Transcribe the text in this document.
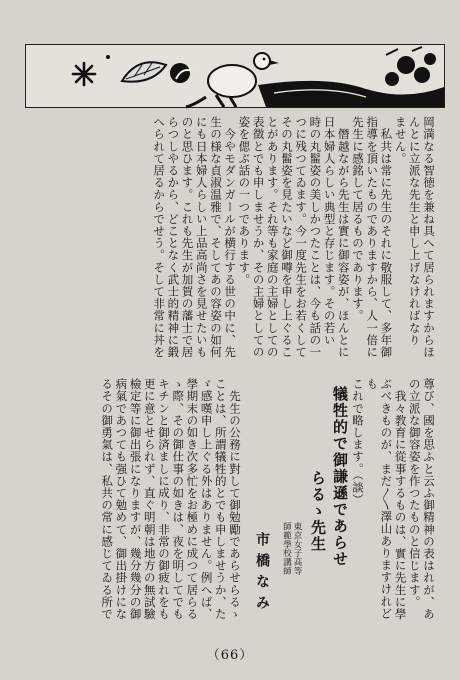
岡満なる智徳を兼ね具へて居られますからほ

んとに立派な先生と申し上げなければなり

ません。

　私共は常に先生のそれに敬服して、多年御

指導を頂いたものでありますから、人一倍に

先生に感銘して居るものであります。

　僭越ながら先生は實に御容姿が、ほんとに

日本婦人らしい典型と存じます。その若い

時の丸髷姿の美しかつたことは、今も話の一

つに残つてゐます。今一度先生をお若くして

その丸髷姿を見たいなど御噂を申し上ぐるこ

とがあります。それ等も家庭の主婦としての

表徴とでも申しませうか、その主婦としての

姿を偲ぶ話の一つであります。

　今やモダンガールが横行する世の中に、先

生の様な貞淑温雅で、そしてあの容姿の如何

にも日本婦人らしい上品高尚さを見せたいも

のと思ひます。これも先生が加賀の藩士で居

らつしやるから、どことなく武士的精神に鍛

へられて居るからでせう。そして非常に丼を

尊び、國を思ふと云ふ御精神の表はれが、あ

の立派な御容姿を作つたものと信じます。

　我々教育に從事するものは、實に先生に學

ぶべきものが、まだ〳〵澤山ありますけれども

これで略します。（談）

犠牲的で御謙遜であらせ
らるゝ先生
東京女子高等
師範學校講師
市橋なみ

　先生の公務に對して御勉勵であらせらるゝ

ことは、所謂犠牲的とでも申しませうか、た

ゞ感嘆申し上ぐる外はありません。例へば、

學期末の如き次多忙をお極めに成つて居らる

ゝ際、その御仕事の如きは、夜を明してでも

キチンと御済ましに成り、非常の御疲れをも

更に意とせられず、直ぐ明朝は地方の無試驗

檢定等に御出張になりますが、幾分幾分の御

病氣であつても强ひて勉めて、御出掛けにな

るその御勇氣は、私共の常に感じてゐる所で

（66）
